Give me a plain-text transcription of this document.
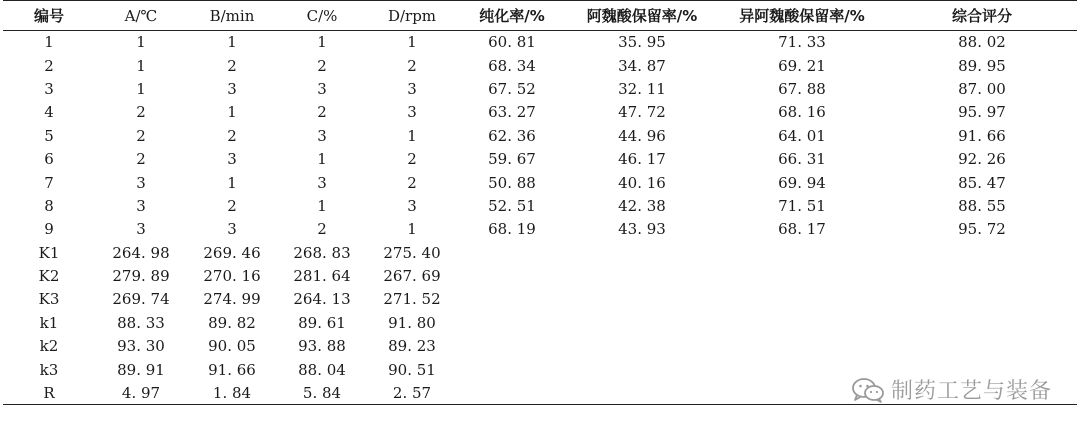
编号	A/℃	B/min	C/%	D/rpm	纯化率/%	阿魏酸保留率/%	异阿魏酸保留率/%	综合评分
1	1	1	1	1	60. 81	35. 95	71. 33	88. 02
2	1	2	2	2	68. 34	34. 87	69. 21	89. 95
3	1	3	3	3	67. 52	32. 11	67. 88	87. 00
4	2	1	2	3	63. 27	47. 72	68. 16	95. 97
5	2	2	3	1	62. 36	44. 96	64. 01	91. 66
6	2	3	1	2	59. 67	46. 17	66. 31	92. 26
7	3	1	3	2	50. 88	40. 16	69. 94	85. 47
8	3	2	1	3	52. 51	42. 38	71. 51	88. 55
9	3	3	2	1	68. 19	43. 93	68. 17	95. 72
K1	264. 98	269. 46	268. 83	275. 40				
K2	279. 89	270. 16	281. 64	267. 69				
K3	269. 74	274. 99	264. 13	271. 52				
k1	88. 33	89. 82	89. 61	91. 80				
k2	93. 30	90. 05	93. 88	89. 23				
k3	89. 91	91. 66	88. 04	90. 51				
R	4. 97	1. 84	5. 84	2. 57					制药工艺与装备
